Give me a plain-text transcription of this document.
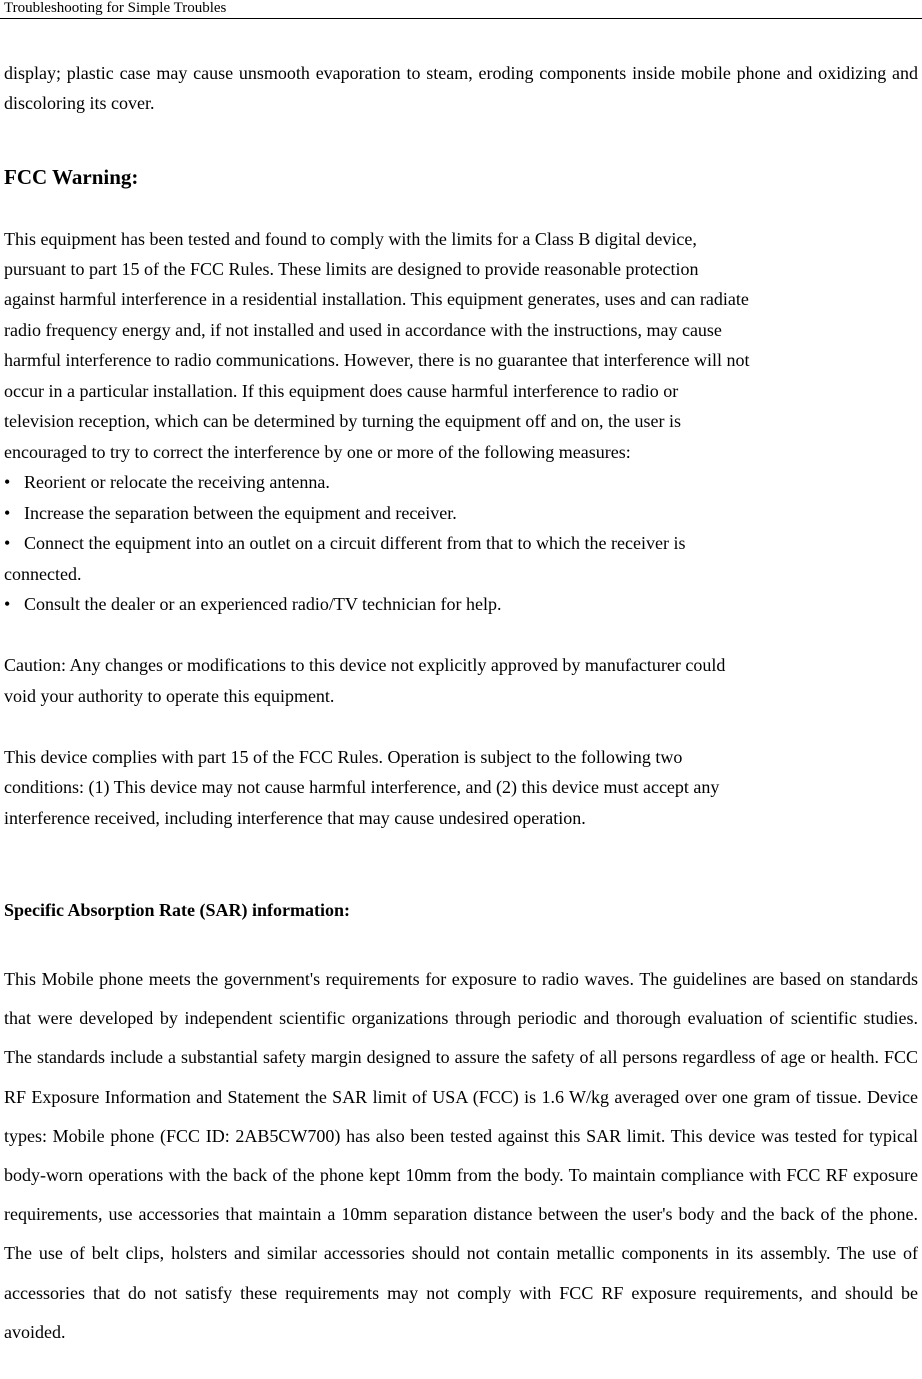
Troubleshooting for Simple Troubles

display; plastic case may cause unsmooth evaporation to steam, eroding components inside mobile phone and oxidizing and discoloring its cover.

FCC Warning:
This equipment has been tested and found to comply with the limits for a Class B digital device,
pursuant to part 15 of the FCC Rules. These limits are designed to provide reasonable protection
against harmful interference in a residential installation. This equipment generates, uses and can radiate
radio frequency energy and, if not installed and used in accordance with the instructions, may cause
harmful interference to radio communications. However, there is no guarantee that interference will not
occur in a particular installation. If this equipment does cause harmful interference to radio or
television reception, which can be determined by turning the equipment off and on, the user is
encouraged to try to correct the interference by one or more of the following measures:
• Reorient or relocate the receiving antenna.
• Increase the separation between the equipment and receiver.
• Connect the equipment into an outlet on a circuit different from that to which the receiver is
connected.
• Consult the dealer or an experienced radio/TV technician for help.
Caution: Any changes or modifications to this device not explicitly approved by manufacturer could
void your authority to operate this equipment.
This device complies with part 15 of the FCC Rules. Operation is subject to the following two
conditions: (1) This device may not cause harmful interference, and (2) this device must accept any
interference received, including interference that may cause undesired operation.
Specific Absorption Rate (SAR) information:

This Mobile phone meets the government's requirements for exposure to radio waves. The guidelines are based on standards that were developed by independent scientific organizations through periodic and thorough evaluation of scientific studies. The standards include a substantial safety margin designed to assure the safety of all persons regardless of age or health. FCC RF Exposure Information and Statement the SAR limit of USA (FCC) is 1.6 W/kg averaged over one gram of tissue. Device types: Mobile phone (FCC ID: 2AB5CW700) has also been tested against this SAR limit. This device was tested for typical body-worn operations with the back of the phone kept 10mm from the body. To maintain compliance with FCC RF exposure requirements, use accessories that maintain a 10mm separation distance between the user's body and the back of the phone. The use of belt clips, holsters and similar accessories should not contain metallic components in its assembly. The use of accessories that do not satisfy these requirements may not comply with FCC RF exposure requirements, and should be avoided.
